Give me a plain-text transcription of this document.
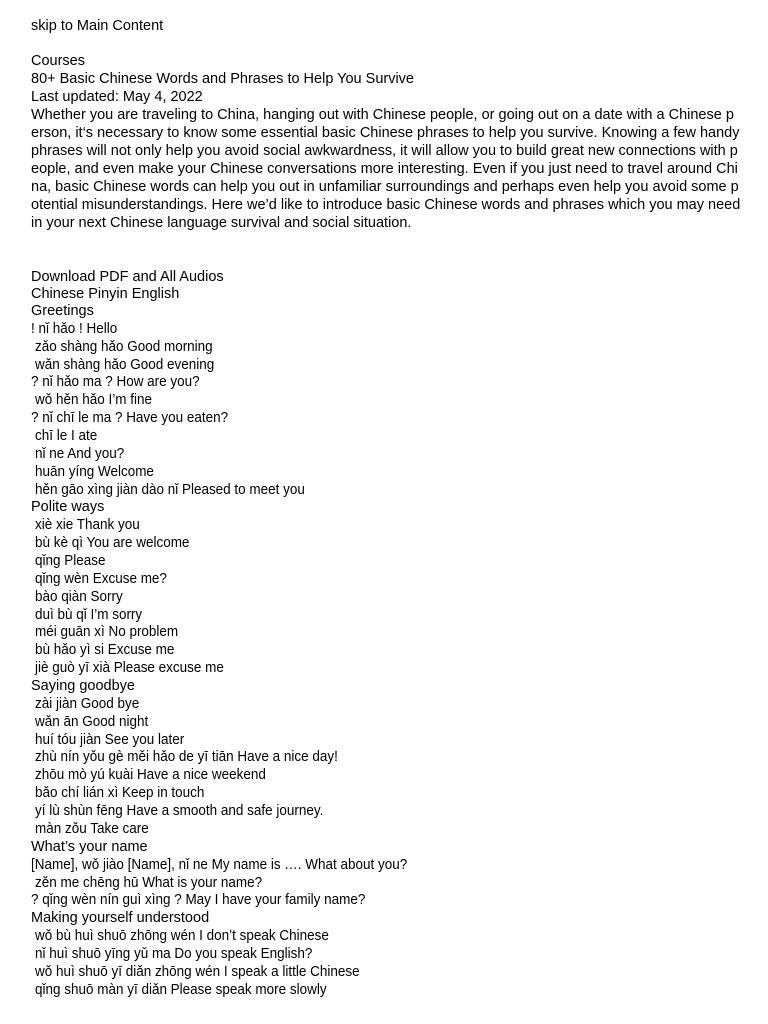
skip to Main Content
Courses
80+ Basic Chinese Words and Phrases to Help You Survive
Last updated: May 4, 2022

Whether you are traveling to China, hanging out with Chinese people, or going out on a date with a Chinese person, it‘s necessary to know some essential basic Chinese phrases to help you survive. Knowing a few handy phrases will not only help you avoid social awkwardness, it will allow you to build great new connections with people, and even make your Chinese conversations more interesting. Even if you just need to travel around China, basic Chinese words can help you out in unfamiliar surroundings and perhaps even help you avoid some potential misunderstandings. Here we’d like to introduce basic Chinese words and phrases which you may need in your next Chinese language survival and social situation.

Download PDF and All Audios
Chinese Pinyin English
Greetings
! nǐ hǎo ! Hello
zǎo shàng hǎo Good morning
wǎn shàng hǎo Good evening
? nǐ hǎo ma ? How are you?
wǒ hěn hǎo I’m fine
? nǐ chī le ma ? Have you eaten?
chī le I ate
nǐ ne And you?
huān yíng Welcome
hěn gāo xìng jiàn dào nǐ Pleased to meet you
Polite ways
xiè xie Thank you
bù kè qì You are welcome
qǐng Please
qǐng wèn Excuse me?
bào qiàn Sorry
duì bù qǐ I’m sorry
méi guān xì No problem
bù hǎo yì si Excuse me
jiè guò yī xià Please excuse me
Saying goodbye
zài jiàn Good bye
wǎn ān Good night
huí tóu jiàn See you later
zhù nín yǒu gè měi hǎo de yī tiān Have a nice day!
zhōu mò yú kuài Have a nice weekend
bǎo chí lián xì Keep in touch
yí lù shùn fēng Have a smooth and safe journey.
màn zǒu Take care
What’s your name
[Name], wǒ jiào [Name], nǐ ne My name is …. What about you?
zěn me chēng hū What is your name?
? qǐng wèn nín guì xìng ? May I have your family name?
Making yourself understood
wǒ bù huì shuō zhōng wén I don’t speak Chinese
nǐ huì shuō yīng yǔ ma Do you speak English?
wǒ huì shuō yī diǎn zhōng wén I speak a little Chinese
qǐng shuō màn yī diǎn Please speak more slowly
